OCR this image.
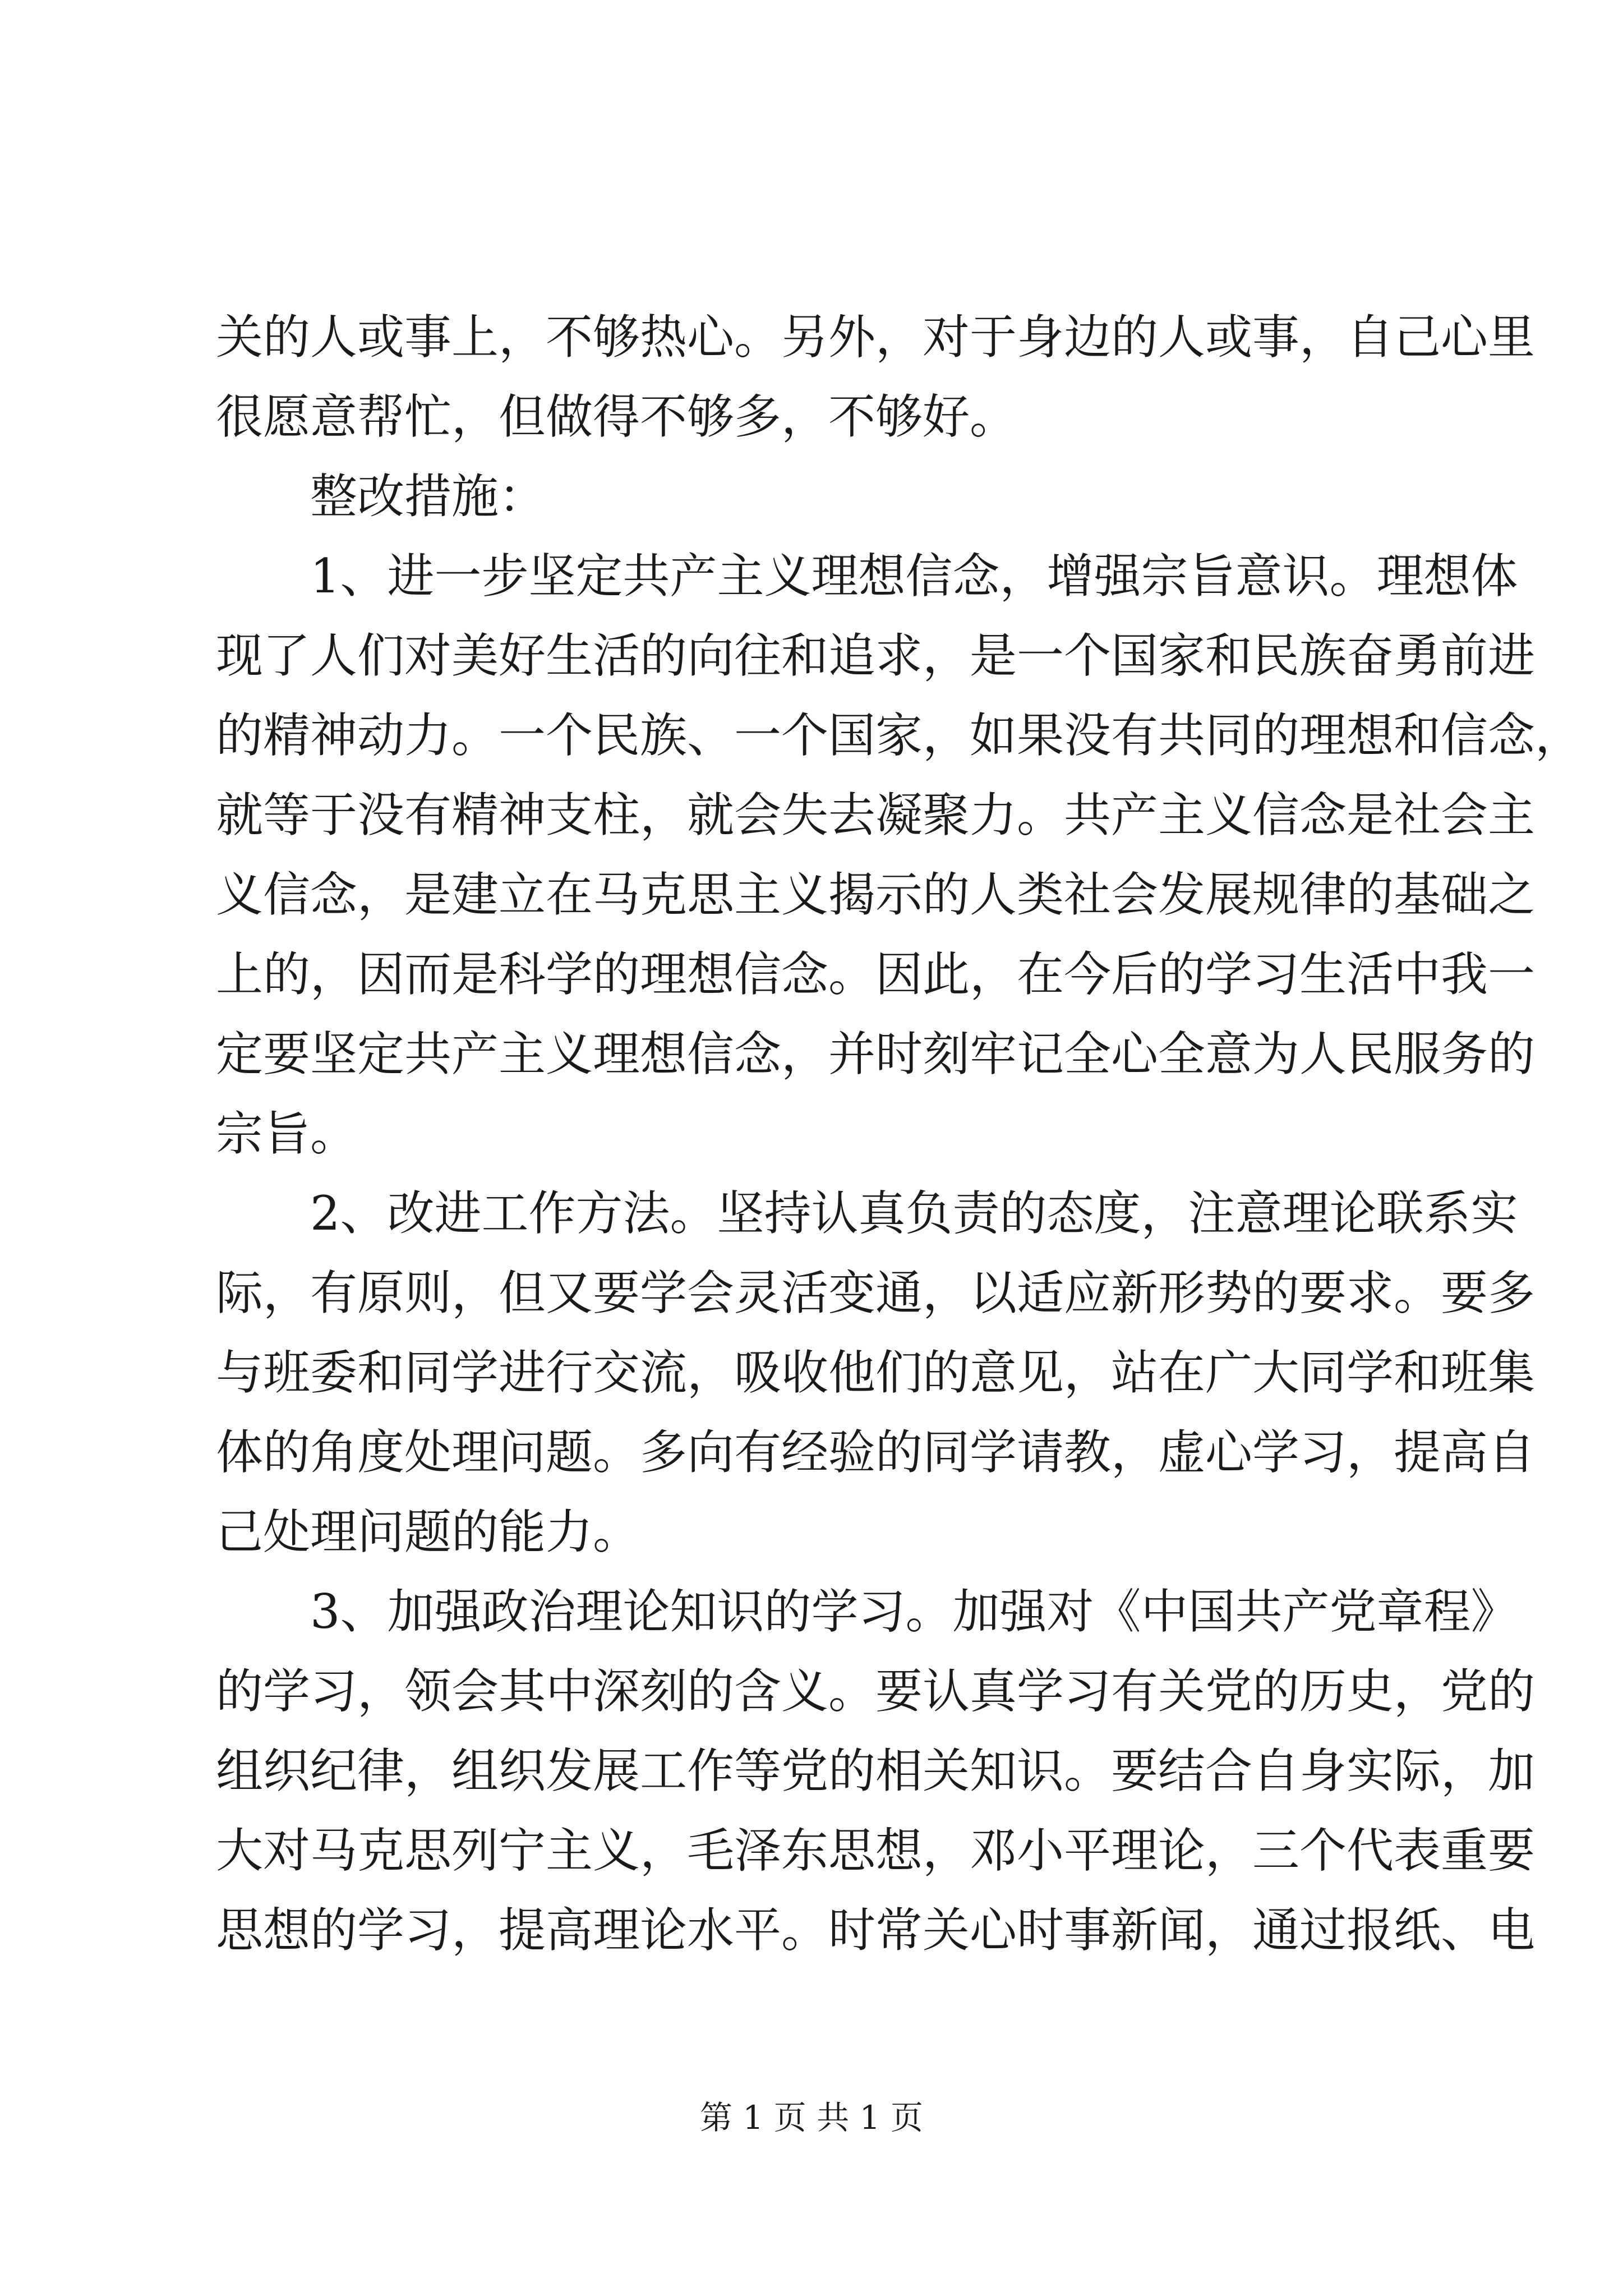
关的人或事上，不够热心。另外，对于身边的人或事，自己心里
很愿意帮忙，但做得不够多，不够好。
　　整改措施：
　　1、进一步坚定共产主义理想信念，增强宗旨意识。理想体
现了人们对美好生活的向往和追求，是一个国家和民族奋勇前进
的精神动力。一个民族、一个国家，如果没有共同的理想和信念，
就等于没有精神支柱，就会失去凝聚力。共产主义信念是社会主
义信念，是建立在马克思主义揭示的人类社会发展规律的基础之
上的，因而是科学的理想信念。因此，在今后的学习生活中我一
定要坚定共产主义理想信念，并时刻牢记全心全意为人民服务的
宗旨。
　　2、改进工作方法。坚持认真负责的态度，注意理论联系实
际，有原则，但又要学会灵活变通，以适应新形势的要求。要多
与班委和同学进行交流，吸收他们的意见，站在广大同学和班集
体的角度处理问题。多向有经验的同学请教，虚心学习，提高自
己处理问题的能力。
　　3、加强政治理论知识的学习。加强对《中国共产党章程》
的学习，领会其中深刻的含义。要认真学习有关党的历史，党的
组织纪律，组织发展工作等党的相关知识。要结合自身实际，加
大对马克思列宁主义，毛泽东思想，邓小平理论，三个代表重要
思想的学习，提高理论水平。时常关心时事新闻，通过报纸、电
第 1 页 共 1 页
